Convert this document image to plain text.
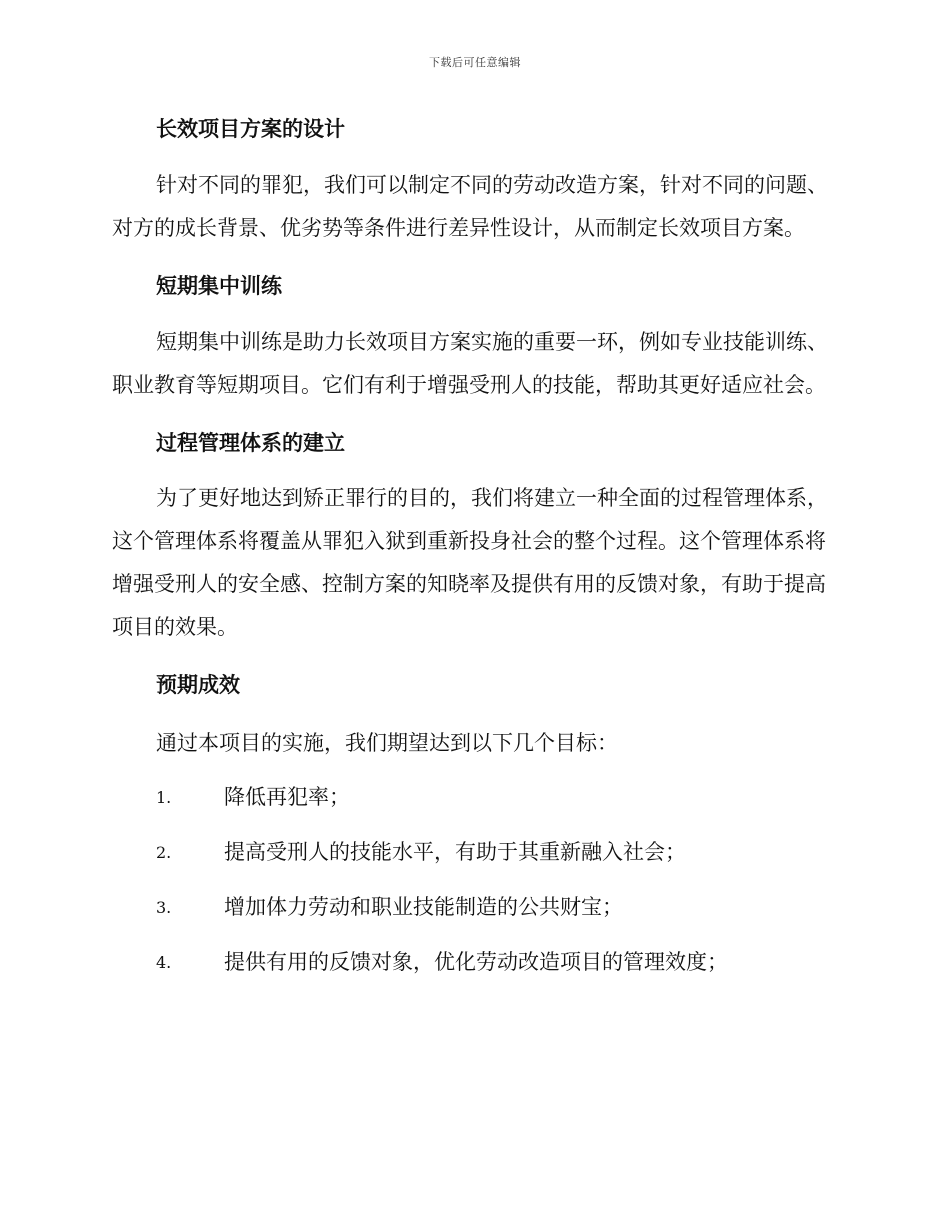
下载后可任意编辑
长效项目方案的设计

针对不同的罪犯，我们可以制定不同的劳动改造方案，针对不同的问题、对方的成长背景、优劣势等条件进行差异性设计，从而制定长效项目方案。

短期集中训练

短期集中训练是助力长效项目方案实施的重要一环，例如专业技能训练、职业教育等短期项目。它们有利于增强受刑人的技能，帮助其更好适应社会。

过程管理体系的建立

为了更好地达到矫正罪行的目的，我们将建立一种全面的过程管理体系，这个管理体系将覆盖从罪犯入狱到重新投身社会的整个过程。这个管理体系将增强受刑人的安全感、控制方案的知晓率及提供有用的反馈对象，有助于提高项目的效果。

预期成效

通过本项目的实施，我们期望达到以下几个目标：

1.	降低再犯率；
2.	提高受刑人的技能水平，有助于其重新融入社会；
3.	增加体力劳动和职业技能制造的公共财宝；
4.	提供有用的反馈对象，优化劳动改造项目的管理效度；
